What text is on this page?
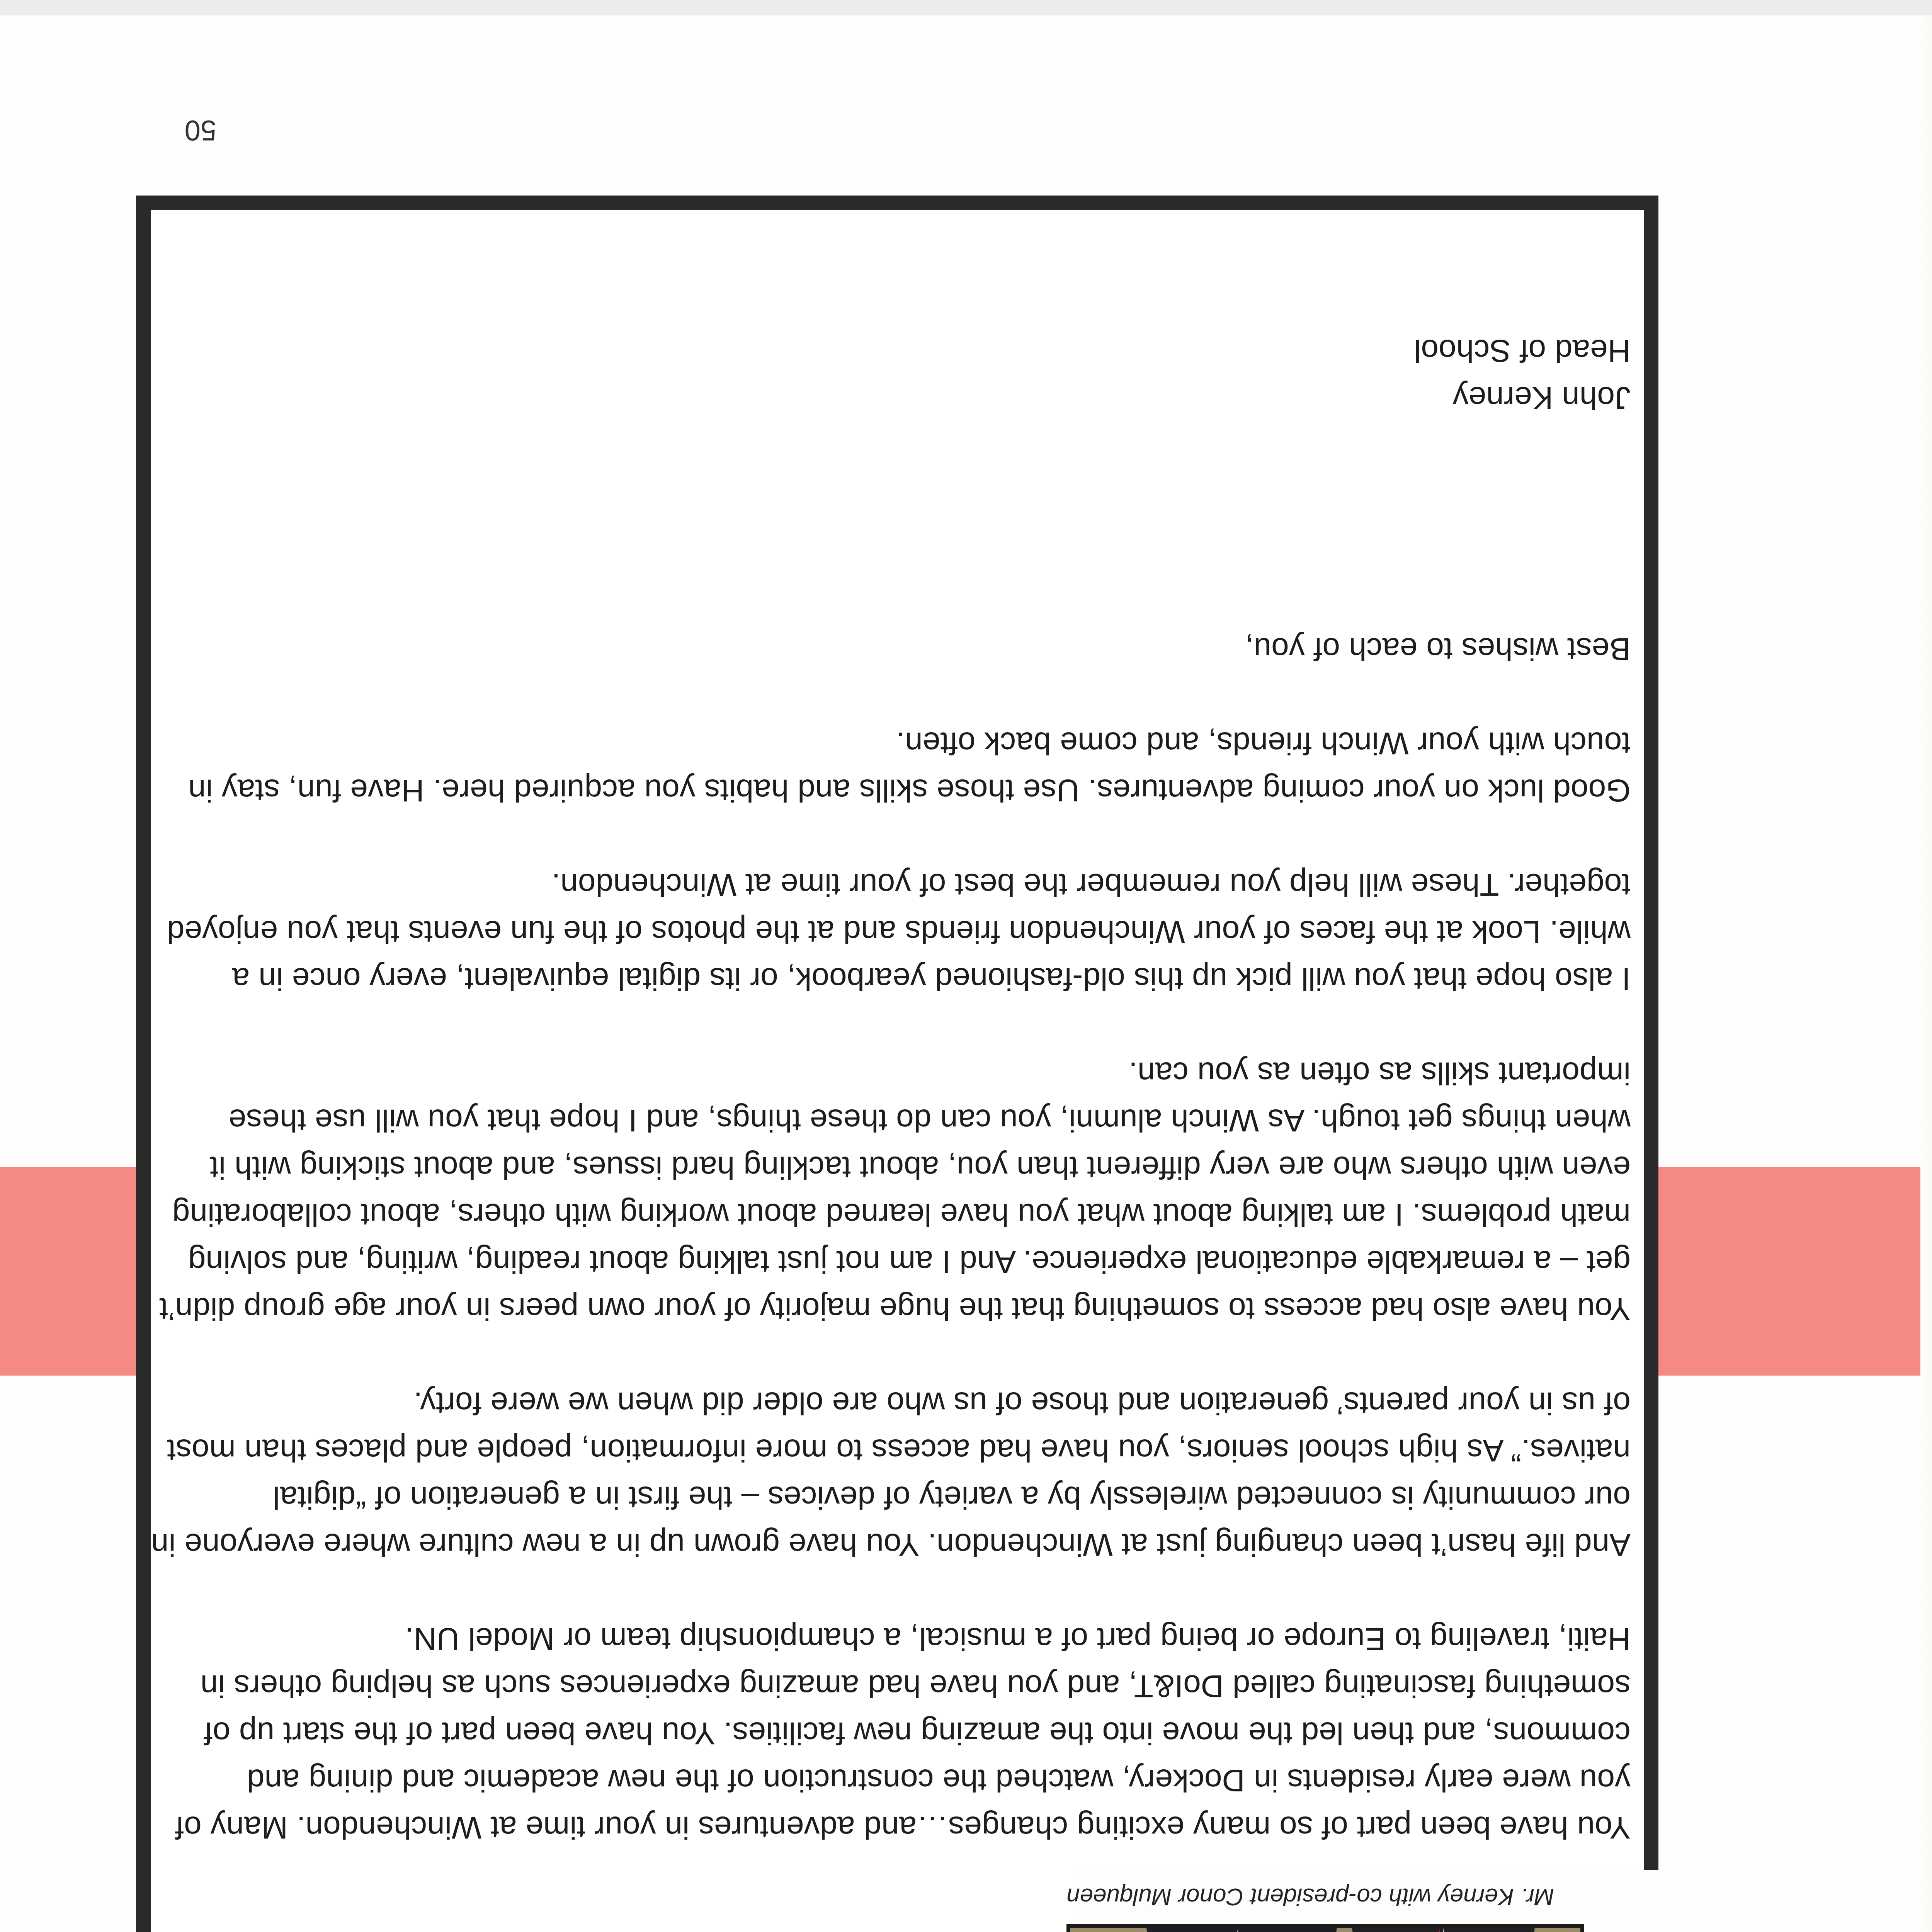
Mr. Kerney with co-president Conor Mulqueen

You have been part of so many exciting changes…and adventures in your time at Winchendon. Many of you were early residents in Dockery, watched the construction of the new academic and dining and commons, and then led the move into the amazing new facilities. You have been part of the start up of something fascinating called DoI&T, and you have had amazing experiences such as helping others in Haiti, traveling to Europe or being part of a musical, a championship team or Model UN.

And life hasn’t been changing just at Winchendon. You have grown up in a new culture where everyone in our community is connected wirelessly by a variety of devices – the first in a generation of “digital natives.” As high school seniors, you have had access to more information, people and places than most of us in your parents’ generation and those of us who are older did when we were forty.

You have also had access to something that the huge majority of your own peers in your age group didn’t get – a remarkable educational experience. And I am not just talking about reading, writing, and solving math problems. I am talking about what you have learned about working with others, about collaborating even with others who are very different than you, about tackling hard issues, and about sticking with it when things get tough. As Winch alumni, you can do these things, and I hope that you will use these important skills as often as you can.

I also hope that you will pick up this old-fashioned yearbook, or its digital equivalent, every once in a while. Look at the faces of your Winchendon friends and at the photos of the fun events that you enjoyed together. These will help you remember the best of your time at Winchendon.

Good luck on your coming adventures. Use those skills and habits you acquired here. Have fun, stay in touch with your Winch friends, and come back often.

Best wishes to each of you,

John Kerney
Head of School
50
